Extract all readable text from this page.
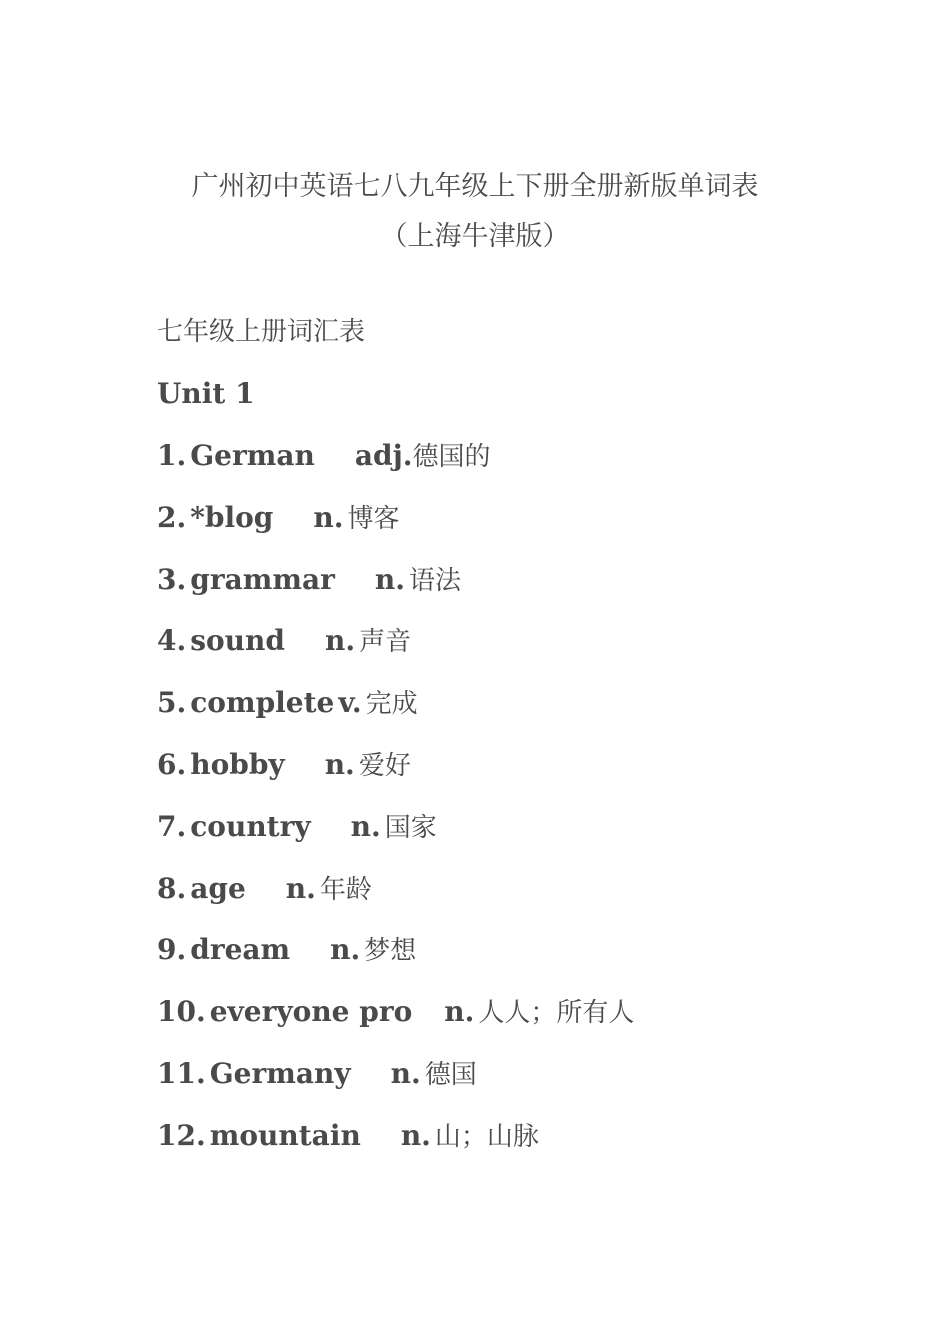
广州初中英语七八九年级上下册全册新版单词表
（上海牛津版）
七年级上册词汇表
Unit 1
1. German adj.德国的
2. *blog n. 博客
3. grammar n. 语法
4. sound n. 声音
5. complete v. 完成
6. hobby n. 爱好
7. country n. 国家
8. age n. 年龄
9. dream n. 梦想
10. everyone pro n. 人人；所有人
11. Germany n. 德国
12. mountain n. 山；山脉
